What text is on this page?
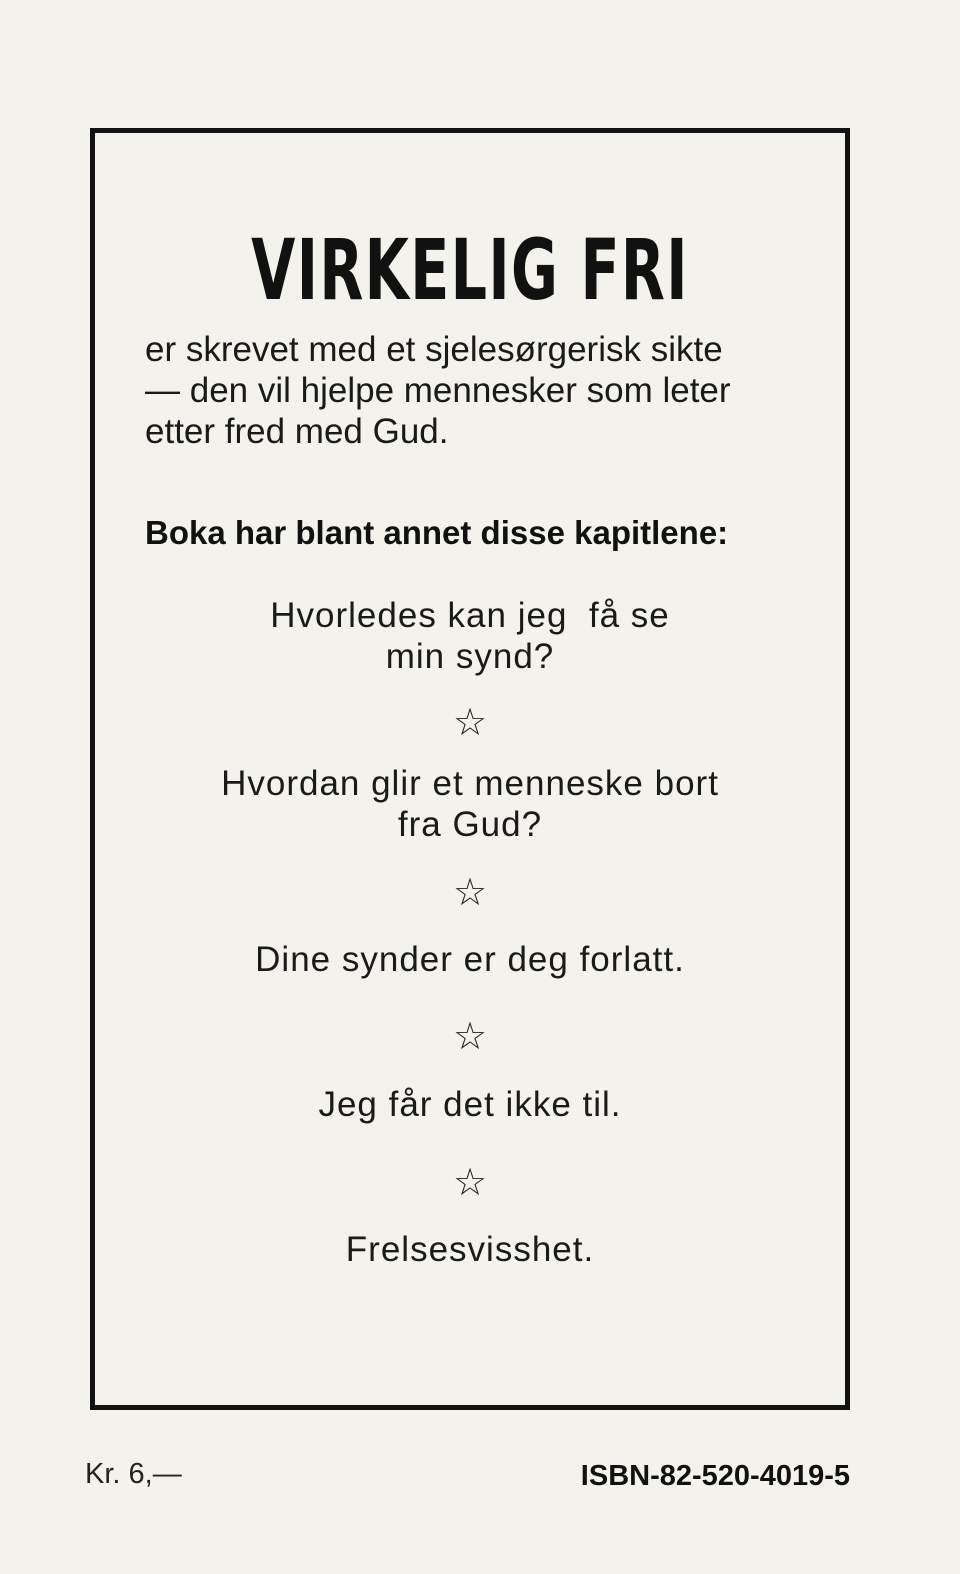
VIRKELIG FRI
er skrevet med et sjelesørgerisk sikte
— den vil hjelpe mennesker som leter
etter fred med Gud.
Boka har blant annet disse kapitlene:
Hvorledes kan jeg  få se
min synd?
☆
Hvordan glir et menneske bort
fra Gud?
☆
Dine synder er deg forlatt.
☆
Jeg får det ikke til.
☆
Frelsesvisshet.
Kr. 6,—	ISBN-82-520-4019-5
